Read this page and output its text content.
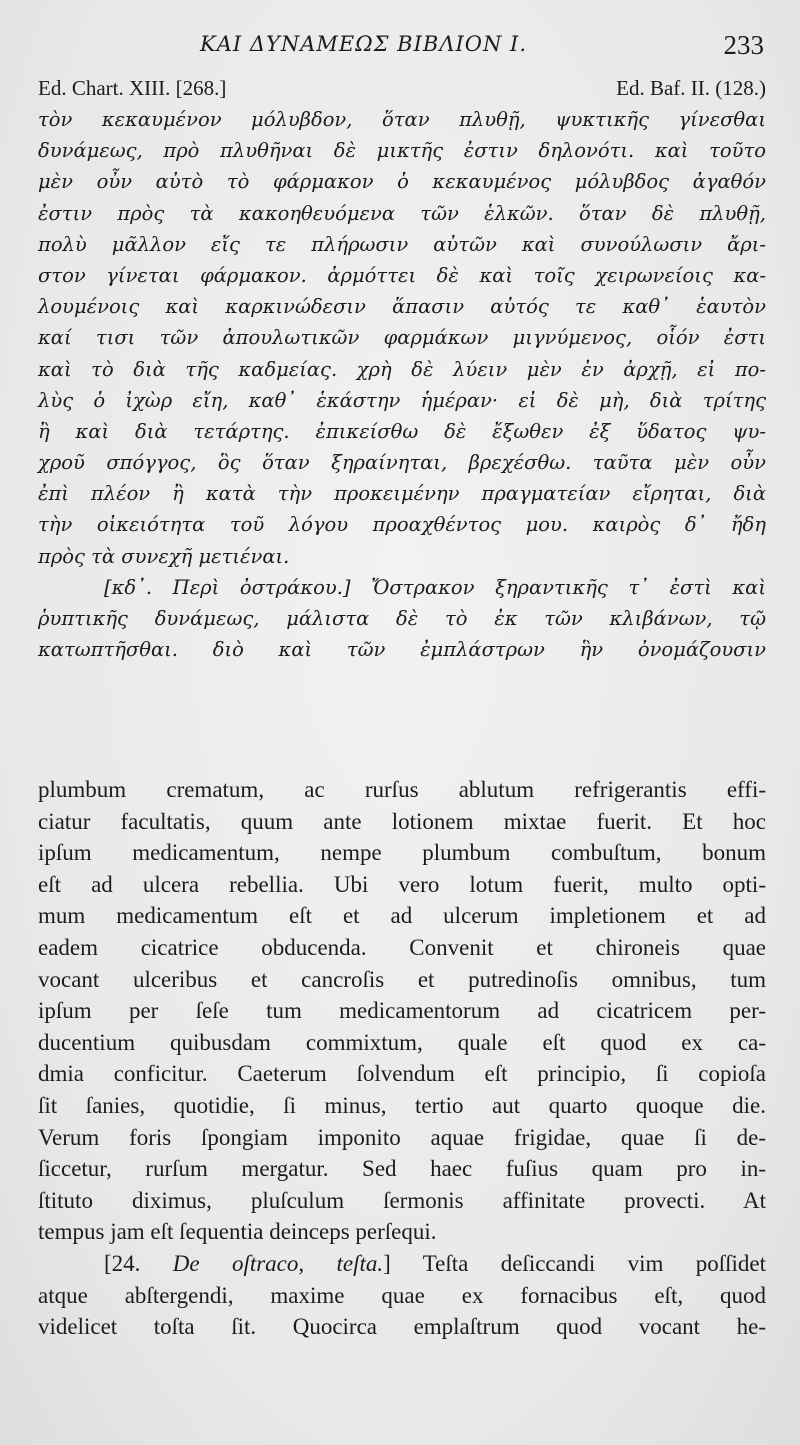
ΚΑΙ ΔΥΝΑΜΕΩΣ ΒΙΒΛΙΟΝ Ι.	233
Ed. Chart. XIII. [268.]	Ed. Baf. II. (128.)
τὸν κεκαυμένον μόλυβδον, ὅταν πλυθῇ, ψυκτικῆς γίνεσθαι
δυνάμεως, πρὸ πλυθῆναι δὲ μικτῆς ἐστιν δηλονότι. καὶ τοῦτο
μὲν οὖν αὐτὸ τὸ φάρμακον ὁ κεκαυμένος μόλυβδος ἀγαθόν
ἐστιν πρὸς τὰ κακοηθευόμενα τῶν ἑλκῶν. ὅταν δὲ πλυθῇ,
πολὺ μᾶλλον εἴς τε πλήρωσιν αὐτῶν καὶ συνούλωσιν ἄρι-
στον γίνεται φάρμακον. ἁρμόττει δὲ καὶ τοῖς χειρωνείοις κα-
λουμένοις καὶ καρκινώδεσιν ἅπασιν αὐτός τε καθ᾽ ἑαυτὸν
καί τισι τῶν ἀπουλωτικῶν φαρμάκων μιγνύμενος, οἷόν ἐστι
καὶ τὸ διὰ τῆς καδμείας. χρὴ δὲ λύειν μὲν ἐν ἀρχῇ, εἰ πο-
λὺς ὁ ἰχὼρ εἴη, καθ᾽ ἑκάστην ἡμέραν· εἰ δὲ μὴ, διὰ τρίτης
ἢ καὶ διὰ τετάρτης. ἐπικείσθω δὲ ἔξωθεν ἐξ ὕδατος ψυ-
χροῦ σπόγγος, ὃς ὅταν ξηραίνηται, βρεχέσθω. ταῦτα μὲν οὖν
ἐπὶ πλέον ἢ κατὰ τὴν προκειμένην πραγματείαν εἴρηται, διὰ
τὴν οἰκειότητα τοῦ λόγου προαχθέντος μου. καιρὸς δ᾽ ἤδη
πρὸς τὰ συνεχῆ μετιέναι.
[κδ᾽. Περὶ ὀστράκου.] Ὄστρακον ξηραντικῆς τ᾽ ἐστὶ καὶ
ῥυπτικῆς δυνάμεως, μάλιστα δὲ τὸ ἐκ τῶν κλιβάνων, τῷ
κατωπτῆσθαι. διὸ καὶ τῶν ἐμπλάστρων ἣν ὀνομάζουσιν
plumbum crematum, ac rurſus ablutum refrigerantis effi-
ciatur facultatis, quum ante lotionem mixtae fuerit. Et hoc
ipſum medicamentum, nempe plumbum combuſtum, bonum
eſt ad ulcera rebellia. Ubi vero lotum fuerit, multo opti-
mum medicamentum eſt et ad ulcerum impletionem et ad
eadem cicatrice obducenda. Convenit et chironeis quae
vocant ulceribus et cancroſis et putredinoſis omnibus, tum
ipſum per ſeſe tum medicamentorum ad cicatricem per-
ducentium quibusdam commixtum, quale eſt quod ex ca-
dmia conficitur. Caeterum ſolvendum eſt principio, ſi copioſa
ſit ſanies, quotidie, ſi minus, tertio aut quarto quoque die.
Verum foris ſpongiam imponito aquae frigidae, quae ſi de-
ſiccetur, rurſum mergatur. Sed haec fuſius quam pro in-
ſtituto diximus, pluſculum ſermonis affinitate provecti. At
tempus jam eſt ſequentia deinceps perſequi.
[24. De oſtraco, teſta.] Teſta deſiccandi vim poſſidet
atque abſtergendi, maxime quae ex fornacibus eſt, quod
videlicet toſta ſit. Quocirca emplaſtrum quod vocant he-
